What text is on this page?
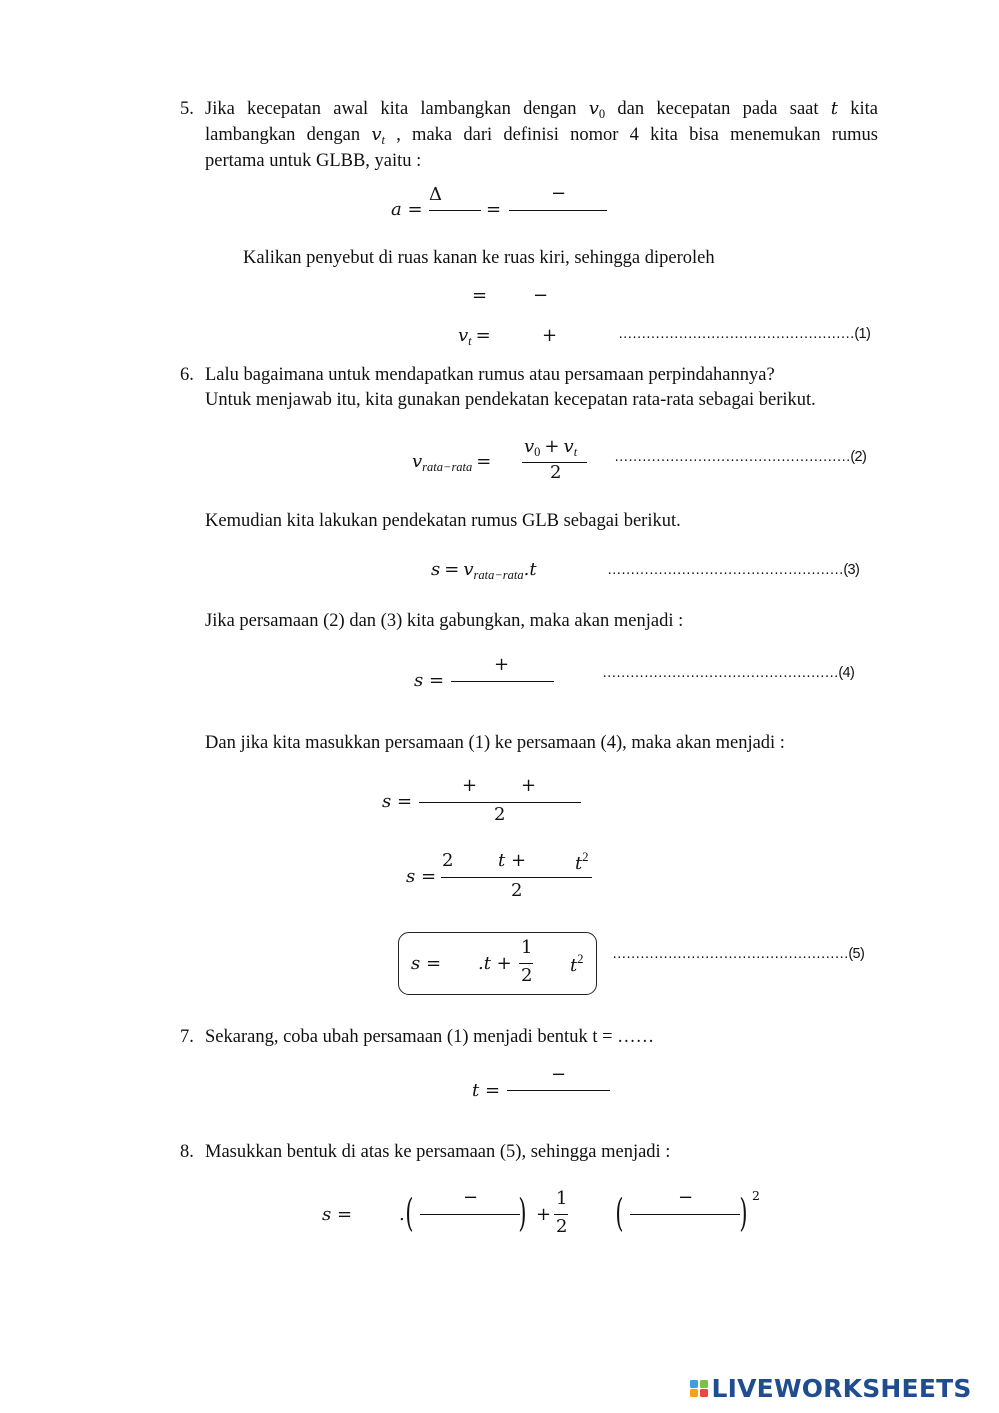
5. Jika kecepatan awal kita lambangkan dengan $v_0$ dan kecepatan pada saat t kita
lambangkan dengan $v_t$ , maka dari definisi nomor 4 kita bisa menemukan rumus
pertama untuk GLBB, yaitu :
a =
Δ
=
−
Kalikan penyebut di ruas kanan ke ruas kiri, sehingga diperoleh
=	−
$v_t$ =	+	……………………………………………(1)
6. Lalu bagaimana untuk mendapatkan rumus atau persamaan perpindahannya?
Untuk menjawab itu, kita gunakan pendekatan kecepatan rata-rata sebagai berikut.
$v_{rata-rata}$ =
$v_0 + v_t$
2
……………………………………………(2)
Kemudian kita lakukan pendekatan rumus GLB sebagai berikut.
$s = v_{rata-rata}.t$	……………………………………………(3)
Jika persamaan (2) dan (3) kita gabungkan, maka akan menjadi :
s =
+	……………………………………………(4)
Dan jika kita masukkan persamaan (1) ke persamaan (4), maka akan menjadi :
s =
+ +
2
s =
2 t +	$t^2$
2
s = .t +
1
2 $t^2$ ……………………………………………(5)
7. Sekarang, coba ubah persamaan (1) menjadi bentuk t = ……
t =
−
8. Masukkan bentuk di atas ke persamaan (5), sehingga menjadi :
s =	. (	− ) +
1
2 (	− ) 2
LIVEWORKSHEETS
